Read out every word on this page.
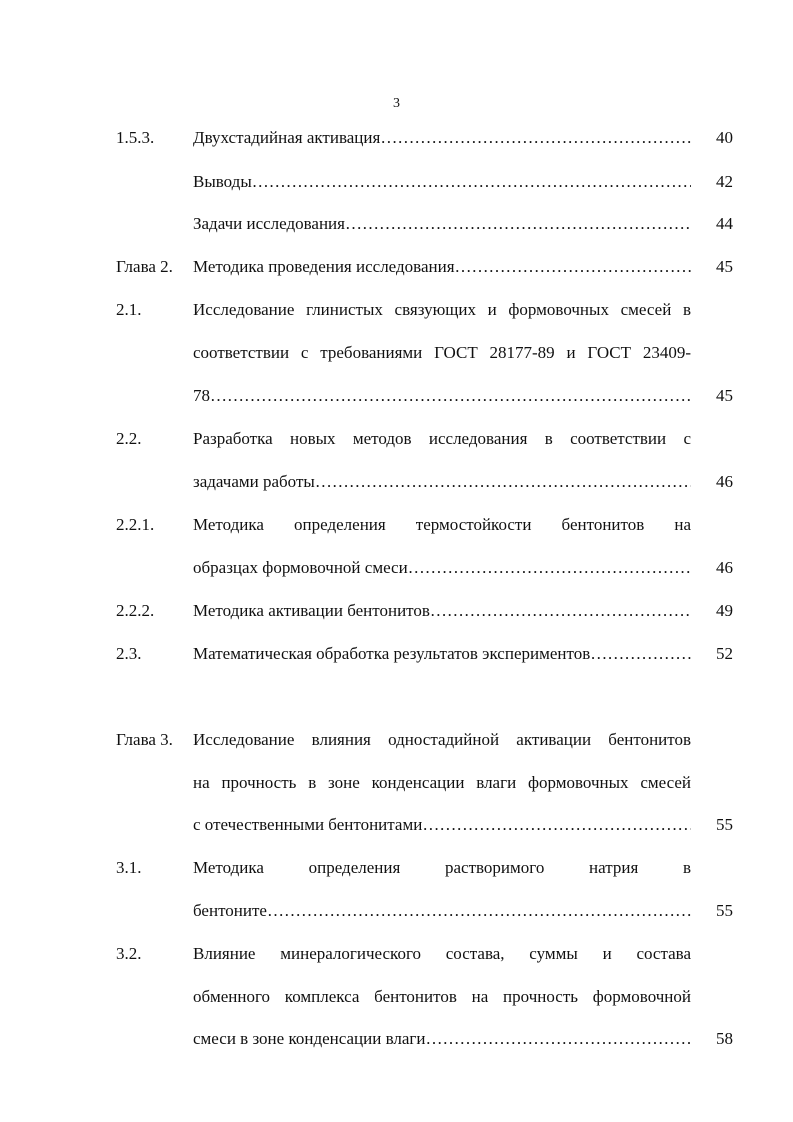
3
1.5.3. Двухстадийная активация ……………………………………………………………………………………………………………	40
Выводы ……………………………………………………………………………………………………………	42
Задачи исследования ……………………………………………………………………………………………………………	44
Глава 2. Методика проведения исследования ……………………………………………………………………………………………………………	45
2.1.	Исследование глинистых связующих и формовочных смесей в
соответствии с требованиями ГОСТ 28177-89 и ГОСТ 23409-
78 ……………………………………………………………………………………………………………	45
2.2.	Разработка новых методов исследования в соответствии с
задачами работы ……………………………………………………………………………………………………………	46
2.2.1. Методика определения термостойкости бентонитов на
образцах формовочной смеси ……………………………………………………………………………………………………………	46
2.2.2. Методика активации бентонитов ……………………………………………………………………………………………………………	49
2.3.	Математическая обработка результатов экспериментов ……………………………………………………………………………………………………………	52
Глава 3. Исследование влияния одностадийной активации бентонитов
на прочность в зоне конденсации влаги формовочных смесей
с отечественными бентонитами ……………………………………………………………………………………………………………	55
3.1.	Методика определения растворимого натрия в
бентоните ……………………………………………………………………………………………………………	55
3.2.	Влияние минералогического состава, суммы и состава
обменного комплекса бентонитов на прочность формовочной
смеси в зоне конденсации влаги ……………………………………………………………………………………………………………	58
